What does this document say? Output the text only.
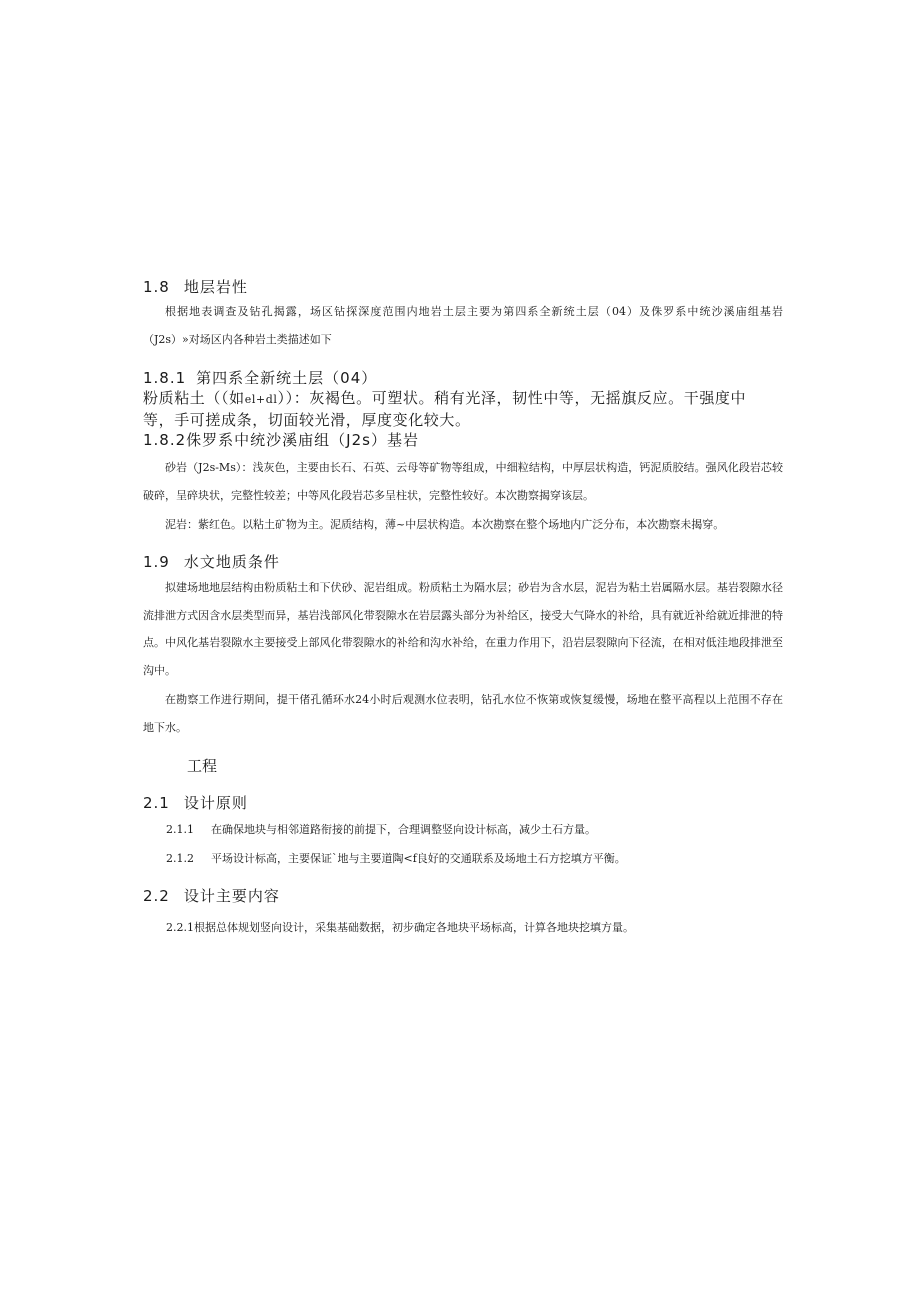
1.8 地层岩性

根据地表调查及钻孔揭露，场区钻探深度范围内地岩土层主要为第四系全新统土层（04）及侏罗系中统沙溪庙组基岩（J2s）»对场区内各种岩土类描述如下

1.8.1 第四系全新统土层（04）

粉质粘土（（如el+dl））：灰褐色。可塑状。稍有光泽，韧性中等，无摇旗反应。干强度中等，手可搓成条，切面较光滑，厚度变化较大。

1.8.2侏罗系中统沙溪庙组（J2s）基岩

砂岩（J2s-Ms）：浅灰色，主要由长石、石英、云母等矿物等组成，中细粒结构，中厚层状构造，钙泥质胶结。强风化段岩芯较破碎，呈碎块状，完整性较差；中等风化段岩芯多呈柱状，完整性较好。本次勘察揭穿该层。

泥岩：紫红色。以粘土矿物为主。泥质结构，薄~中层状构造。本次勘察在整个场地内广泛分布，本次勘察未揭穿。

1.9 水文地质条件

拟建场地地层结构由粉质粘土和下伏砂、泥岩组成。粉质粘土为隔水层；砂岩为含水层，泥岩为粘土岩属隔水层。基岩裂隙水径流排泄方式因含水层类型而异，基岩浅部风化带裂隙水在岩层露头部分为补给区，接受大气降水的补给，具有就近补给就近排泄的特点。中风化基岩裂隙水主要接受上部风化带裂隙水的补给和沟水补给，在重力作用下，沿岩层裂隙向下径流，在相对低洼地段排泄至沟中。

在勘察工作进行期间，提干偖孔循环水24小时后观测水位表明，钻孔水位不恢第或恢复缓慢，场地在整平高程以上范围不存在地下水。

工程
2.1 设计原则
2.1.1 在确保地块与相邻道路衔接的前提下，合理调整竖向设计标高，减少土石方量。
2.1.2 平场设计标高，主要保证`地与主要道陶<f良好的交通联系及场地土石方挖填方平衡。
2.2 设计主要内容
2.2.1根据总体规划竖向设计，采集基础数据，初步确定各地块平场标高，计算各地块挖填方量。
